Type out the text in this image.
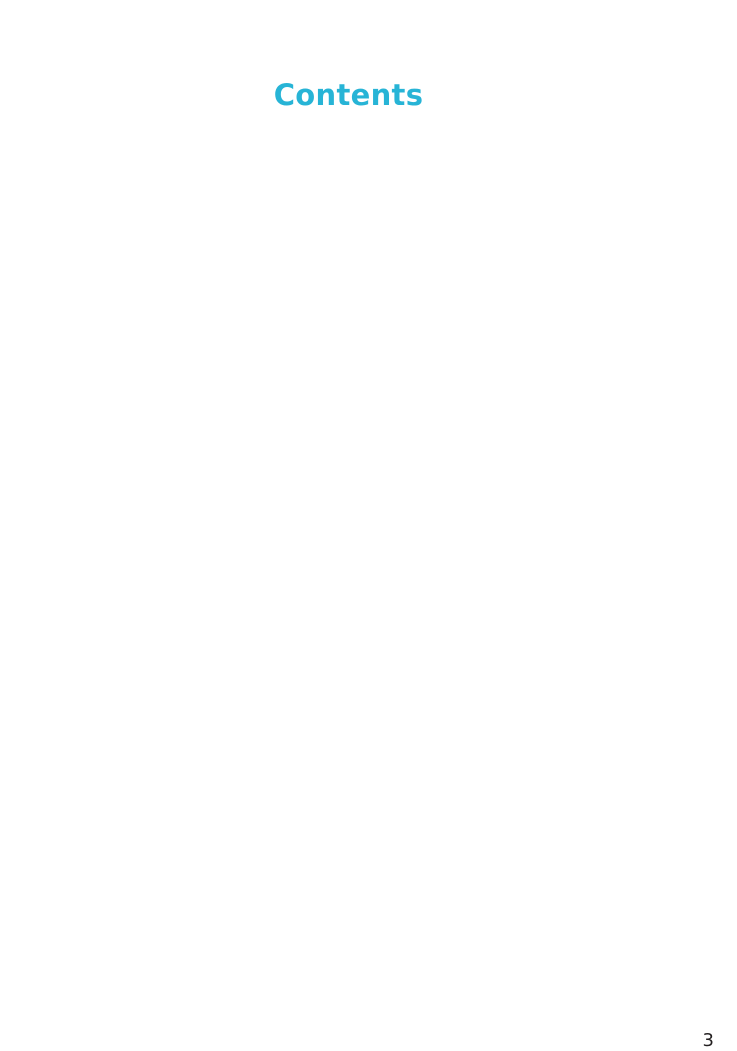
Contents
3
